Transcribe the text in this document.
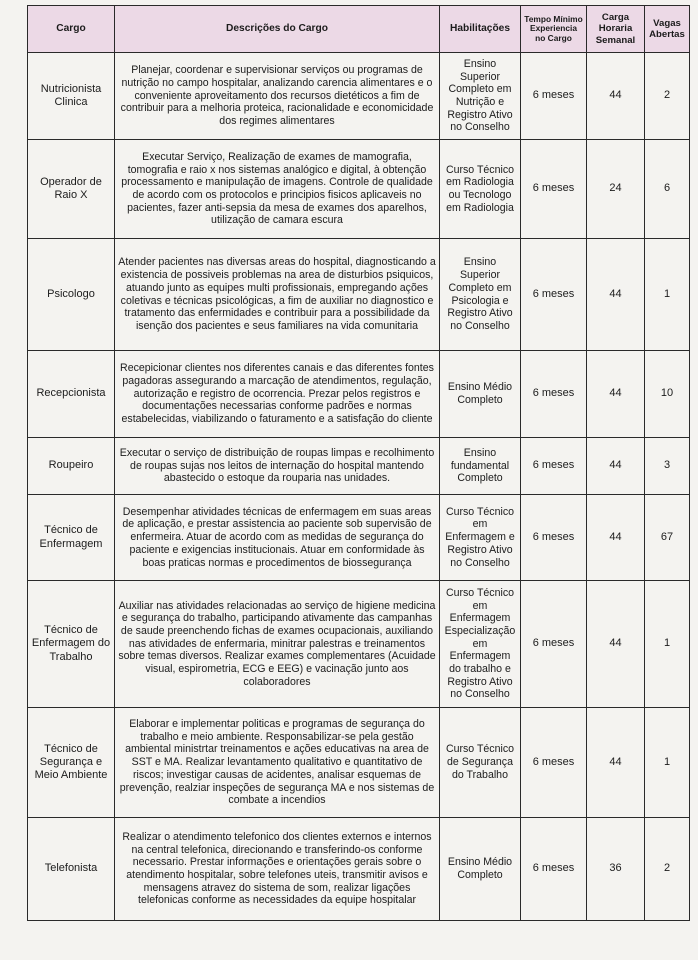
Cargo	Descrições do Cargo	Habilitações	Tempo Mínimo Experiencia no Cargo	Carga Horaria Semanal	Vagas Abertas
Nutricionista Clinica	Planejar, coordenar e supervisionar serviços ou programas de nutrição no campo hospitalar, analizando carencia alimentares e o conveniente aproveitamento dos recursos dietéticos a fim de contribuir para a melhoria proteica, racionalidade e economicidade dos regimes alimentares	Ensino Superior Completo em Nutrição e Registro Ativo no Conselho	6 meses	44	2
Operador de Raio X	Executar Serviço, Realização de exames de mamografia, tomografia e raio x nos sistemas analógico e digital, à obtenção processamento e manipulação de imagens. Controle de qualidade de acordo com os protocolos e principios fisicos aplicaveis no pacientes, fazer anti-sepsia da mesa de exames dos aparelhos, utilização de camara escura	Curso Técnico em Radiologia ou Tecnologo em Radiologia	6 meses	24	6
Psicologo	Atender pacientes nas diversas areas do hospital, diagnosticando a existencia de possiveis problemas na area de disturbios psiquicos, atuando junto as equipes multi profissionais, empregando ações coletivas e técnicas psicológicas, a fim de auxiliar no diagnostico e tratamento das enfermidades e contribuir para a possibilidade da isenção dos pacientes e seus familiares na vida comunitaria	Ensino Superior Completo em Psicologia e Registro Ativo no Conselho	6 meses	44	1
Recepcionista	Recepicionar clientes nos diferentes canais e das diferentes fontes pagadoras assegurando a marcação de atendimentos, regulação, autorização e registro de ocorrencia. Prezar pelos registros e documentações necessarias conforme padrões e normas estabelecidas, viabilizando o faturamento e a satisfação do cliente	Ensino Médio Completo	6 meses	44	10
Roupeiro	Executar o serviço de distribuição de roupas limpas e recolhimento de roupas sujas nos leitos de internação do hospital mantendo abastecido o estoque da rouparia nas unidades.	Ensino fundamental Completo	6 meses	44	3
Técnico de Enfermagem	Desempenhar atividades técnicas de enfermagem em suas areas de aplicação, e prestar assistencia ao paciente sob supervisão de enfermeira. Atuar de acordo com as medidas de segurança do paciente e exigencias institucionais. Atuar em conformidade às boas praticas normas e procedimentos de biossegurança	Curso Técnico em Enfermagem e Registro Ativo no Conselho	6 meses	44	67
Técnico de Enfermagem do Trabalho	Auxiliar nas atividades relacionadas ao serviço de higiene medicina e segurança do trabalho, participando ativamente das campanhas de saude preenchendo fichas de exames ocupacionais, auxiliando nas atividades de enfermaria, minitrar palestras e treinamentos sobre temas diversos. Realizar exames complementares (Acuidade visual, espirometria, ECG e EEG) e vacinação junto aos colaboradores	Curso Técnico em Enfermagem Especialização em Enfermagem do trabalho e Registro Ativo no Conselho	6 meses	44	1
Técnico de Segurança e Meio Ambiente	Elaborar e implementar politicas e programas de segurança do trabalho e meio ambiente. Responsabilizar-se pela gestão ambiental ministrtar treinamentos e ações educativas na area de SST e MA. Realizar levantamento qualitativo e quantitativo de riscos; investigar causas de acidentes, analisar esquemas de prevenção, realziar inspeções de segurança MA e nos sistemas de combate a incendios	Curso Técnico de Segurança do Trabalho	6 meses	44	1
Telefonista	Realizar o atendimento telefonico dos clientes externos e internos na central telefonica, direcionando e transferindo-os conforme necessario. Prestar informações e orientações gerais sobre o atendimento hospitalar, sobre telefones uteis, transmitir avisos e mensagens atravez do sistema de som, realizar ligações telefonicas conforme as necessidades da equipe hospitalar	Ensino Médio Completo	6 meses	36	2
